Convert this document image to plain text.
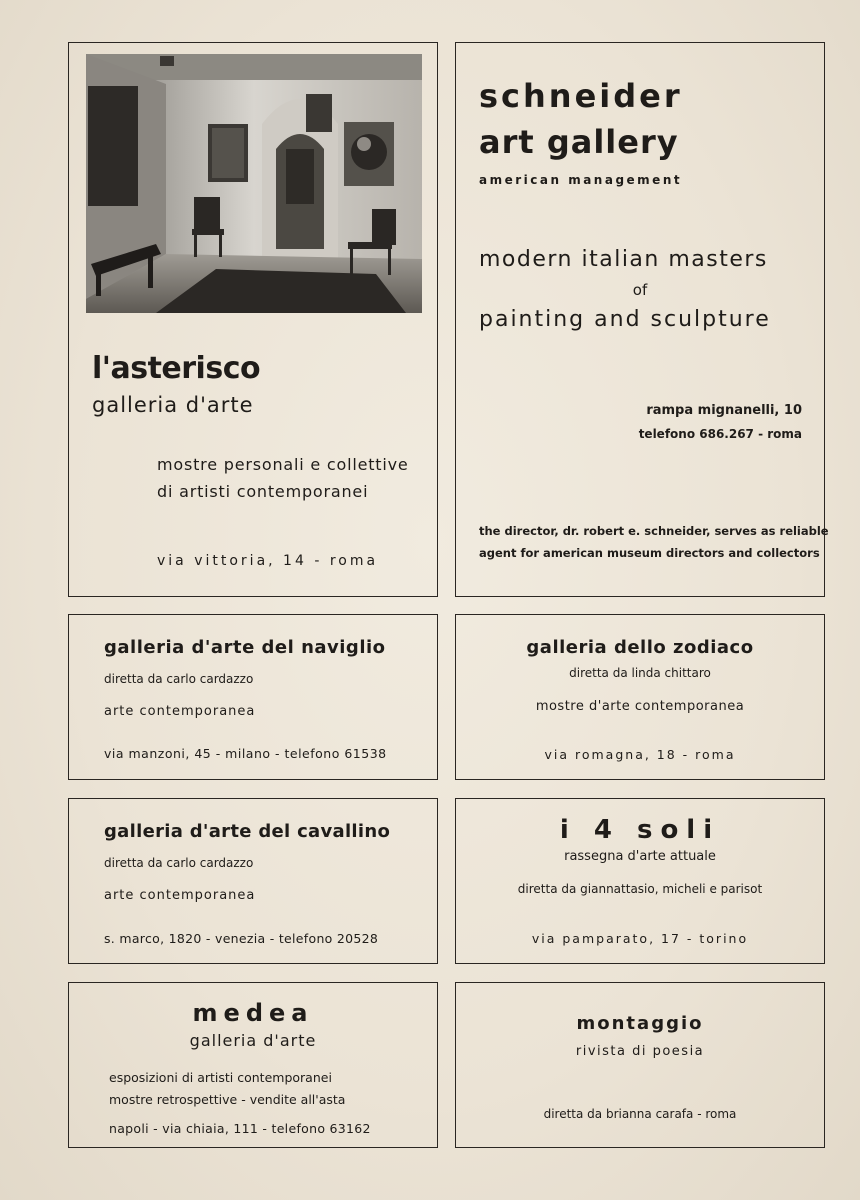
l'asterisco
galleria d'arte
mostre personali e collettive
di artisti contemporanei
via vittoria, 14 - roma
schneider
art gallery
american management
modern italian masters
of
painting and sculpture
rampa mignanelli, 10
telefono 686.267 - roma
the director, dr. robert e. schneider, serves as reliable
agent for american museum directors and collectors
galleria d'arte del naviglio
diretta da carlo cardazzo
arte contemporanea
via manzoni, 45 - milano - telefono 61538
galleria dello zodiaco
diretta da linda chittaro
mostre d'arte contemporanea
via romagna, 18 - roma
galleria d'arte del cavallino
diretta da carlo cardazzo
arte contemporanea
s. marco, 1820 - venezia - telefono 20528
i 4 soli
rassegna d'arte attuale
diretta da giannattasio, micheli e parisot
via pamparato, 17 - torino
medea
galleria d'arte
esposizioni di artisti contemporanei
mostre retrospettive - vendite all'asta
napoli - via chiaia, 111 - telefono 63162
montaggio
rivista di poesia
diretta da brianna carafa - roma
